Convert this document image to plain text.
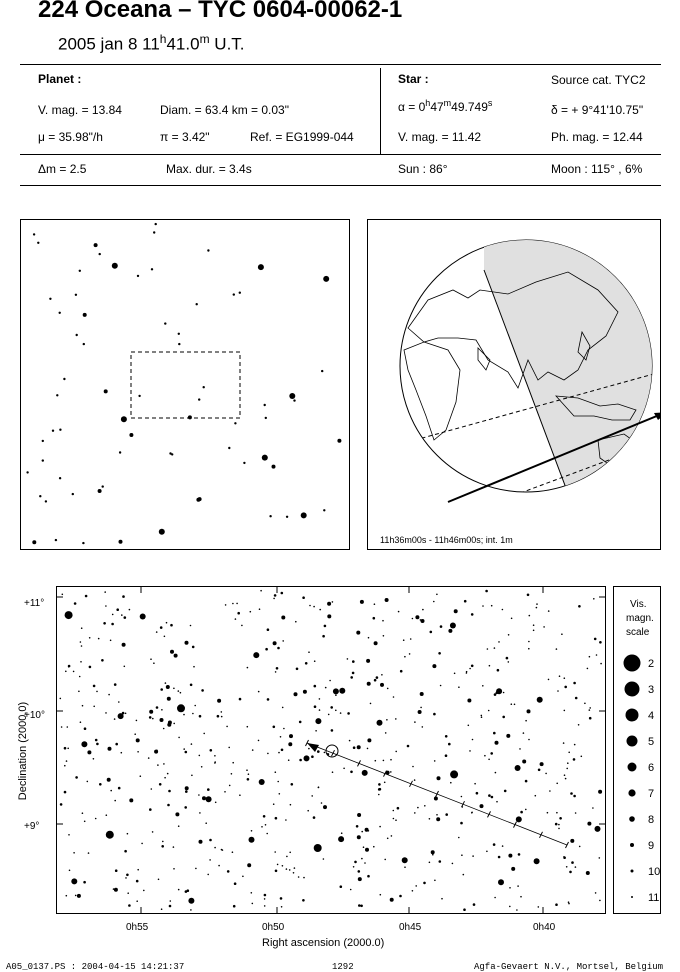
224 Oceana – TYC 0604-00062-1
2005 jan 8 11$^h$41.0$^m$ U.T.
Planet :
V. mag. = 13.84	Diam. = 63.4 km = 0.03"
μ = 35.98"/h	π = 3.42"	Ref. = EG1999-044
Star :	Source cat. TYC2
$\alpha = 0^h47^m49.749^s$	δ = + 9°41'10.75"
V. mag. = 11.42	Ph. mag. = 12.44
Δm = 2.5	Max. dur. = 3.4s	Sun : 86°	Moon : 115° , 6%
11h36m00s - 11h46m00s; int. 1m
+11°
+10°
+9°
Declination (2000.0)
0h55	0h50	0h45	0h40
Right ascension (2000.0)
Vis.
magn.
scale
2
3
4
5
6
7
8
9
10
11
A05_0137.PS : 2004-04-15 14:21:37	1292	Agfa-Gevaert N.V., Mortsel, Belgium
